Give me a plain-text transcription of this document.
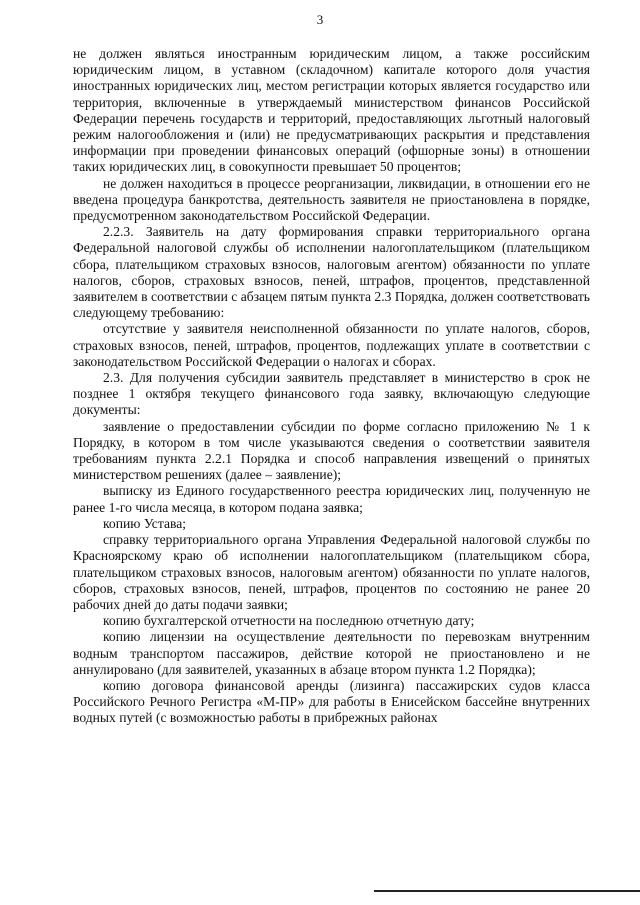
3

не должен являться иностранным юридическим лицом, а также российским юридическим лицом, в уставном (складочном) капитале которого доля участия иностранных юридических лиц, местом регистрации которых является государство или территория, включенные в утверждаемый министерством финансов Российской Федерации перечень государств и территорий, предоставляющих льготный налоговый режим налогообложения и (или) не предусматривающих раскрытия и представления информации при проведении финансовых операций (офшорные зоны) в отношении таких юридических лиц, в совокупности превышает 50 процентов;

не должен находиться в процессе реорганизации, ликвидации, в отношении его не введена процедура банкротства, деятельность заявителя не приостановлена в порядке, предусмотренном законодательством Российской Федерации.

2.2.3. Заявитель на дату формирования справки территориального органа Федеральной налоговой службы об исполнении налогоплательщиком (плательщиком сбора, плательщиком страховых взносов, налоговым агентом) обязанности по уплате налогов, сборов, страховых взносов, пеней, штрафов, процентов, представленной заявителем в соответствии с абзацем пятым пункта 2.3 Порядка, должен соответствовать следующему требованию:

отсутствие у заявителя неисполненной обязанности по уплате налогов, сборов, страховых взносов, пеней, штрафов, процентов, подлежащих уплате в соответствии с законодательством Российской Федерации о налогах и сборах.

2.3. Для получения субсидии заявитель представляет в министерство в срок не позднее 1 октября текущего финансового года заявку, включающую следующие документы:

заявление о предоставлении субсидии по форме согласно приложению № 1 к Порядку, в котором в том числе указываются сведения о соответствии заявителя требованиям пункта 2.2.1 Порядка и способ направления извещений о принятых министерством решениях (далее – заявление);

выписку из Единого государственного реестра юридических лиц, полученную не ранее 1-го числа месяца, в котором подана заявка;

копию Устава;

справку территориального органа Управления Федеральной налоговой службы по Красноярскому краю об исполнении налогоплательщиком (плательщиком сбора, плательщиком страховых взносов, налоговым агентом) обязанности по уплате налогов, сборов, страховых взносов, пеней, штрафов, процентов по состоянию не ранее 20 рабочих дней до даты подачи заявки;

копию бухгалтерской отчетности на последнюю отчетную дату;

копию лицензии на осуществление деятельности по перевозкам внутренним водным транспортом пассажиров, действие которой не приостановлено и не аннулировано (для заявителей, указанных в абзаце втором пункта 1.2 Порядка);

копию договора финансовой аренды (лизинга) пассажирских судов класса Российского Речного Регистра «М-ПР» для работы в Енисейском бассейне внутренних водных путей (с возможностью работы в прибрежных районах
